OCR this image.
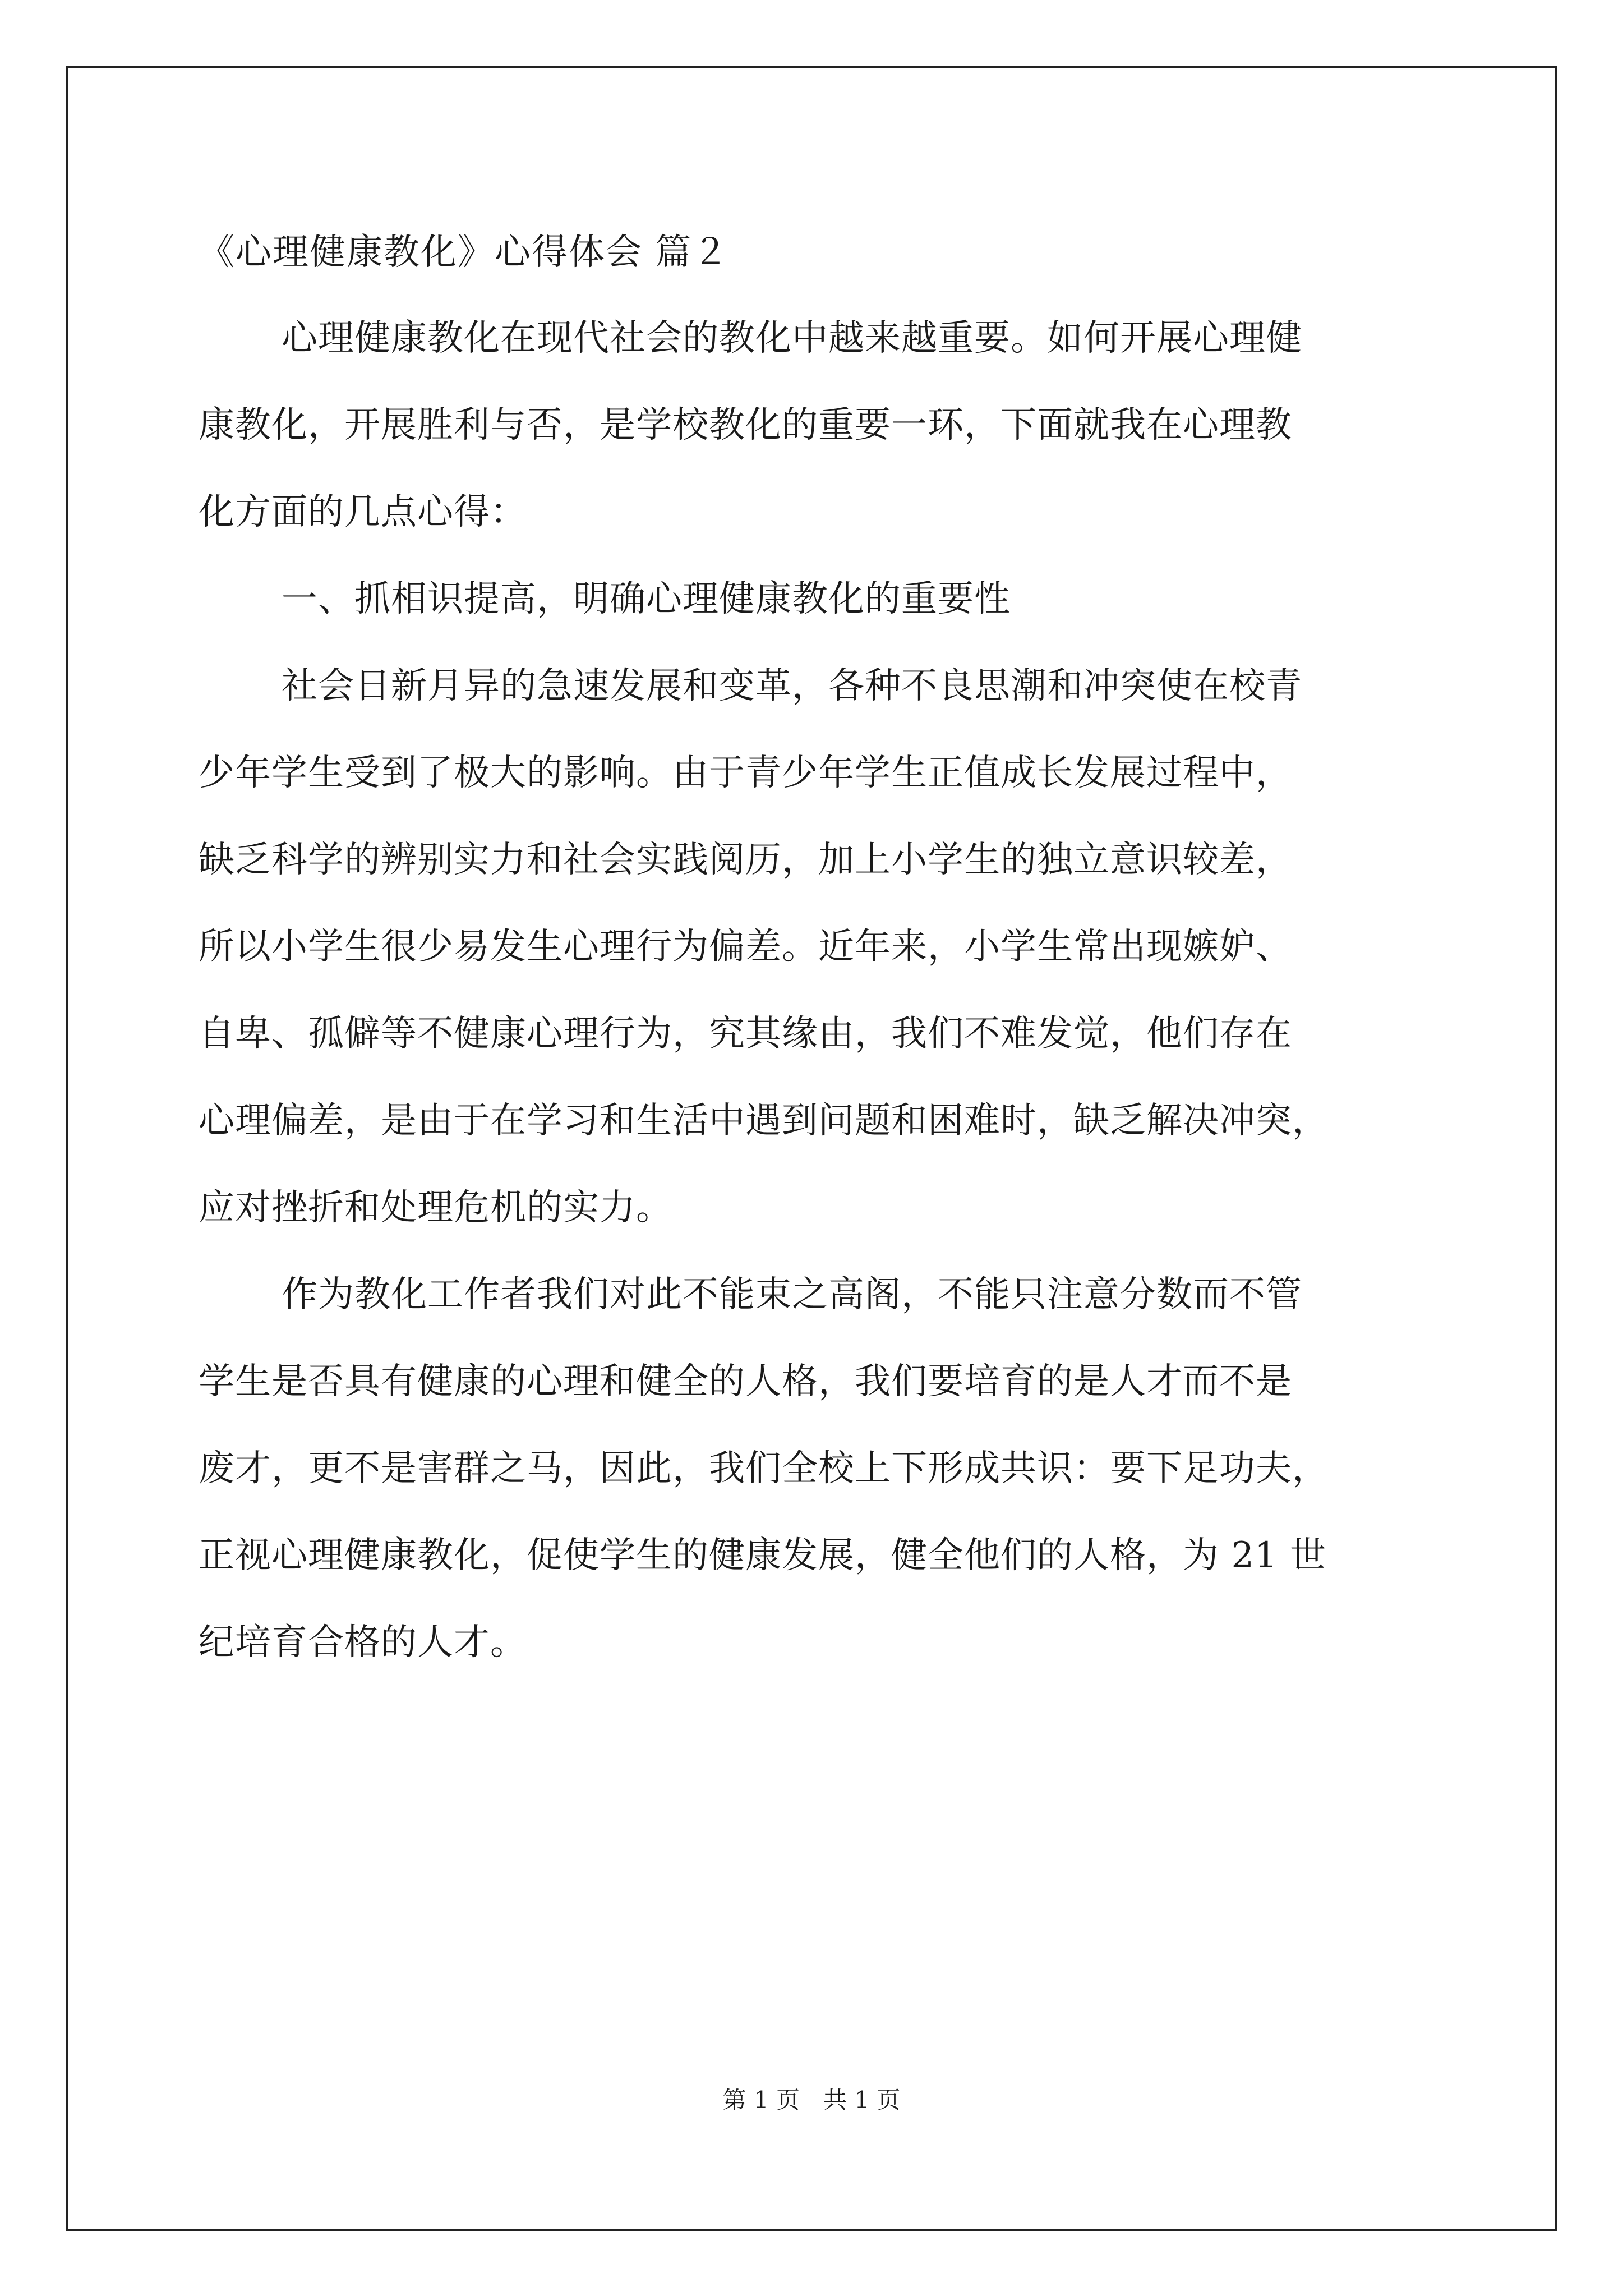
《心理健康教化》心得体会 篇２

心理健康教化在现代社会的教化中越来越重要。如何开展心理健
康教化，开展胜利与否，是学校教化的重要一环，下面就我在心理教
化方面的几点心得：

一、抓相识提高，明确心理健康教化的重要性

社会日新月异的急速发展和变革，各种不良思潮和冲突使在校青
少年学生受到了极大的影响。由于青少年学生正值成长发展过程中，
缺乏科学的辨别实力和社会实践阅历，加上小学生的独立意识较差，
所以小学生很少易发生心理行为偏差。近年来，小学生常出现嫉妒、
自卑、孤僻等不健康心理行为，究其缘由，我们不难发觉，他们存在
心理偏差，是由于在学习和生活中遇到问题和困难时，缺乏解决冲突，
应对挫折和处理危机的实力。

作为教化工作者我们对此不能束之高阁，不能只注意分数而不管
学生是否具有健康的心理和健全的人格，我们要培育的是人才而不是
废才，更不是害群之马，因此，我们全校上下形成共识：要下足功夫，
正视心理健康教化，促使学生的健康发展，健全他们的人格，为 21 世
纪培育合格的人才。

第 1 页　共 1 页
